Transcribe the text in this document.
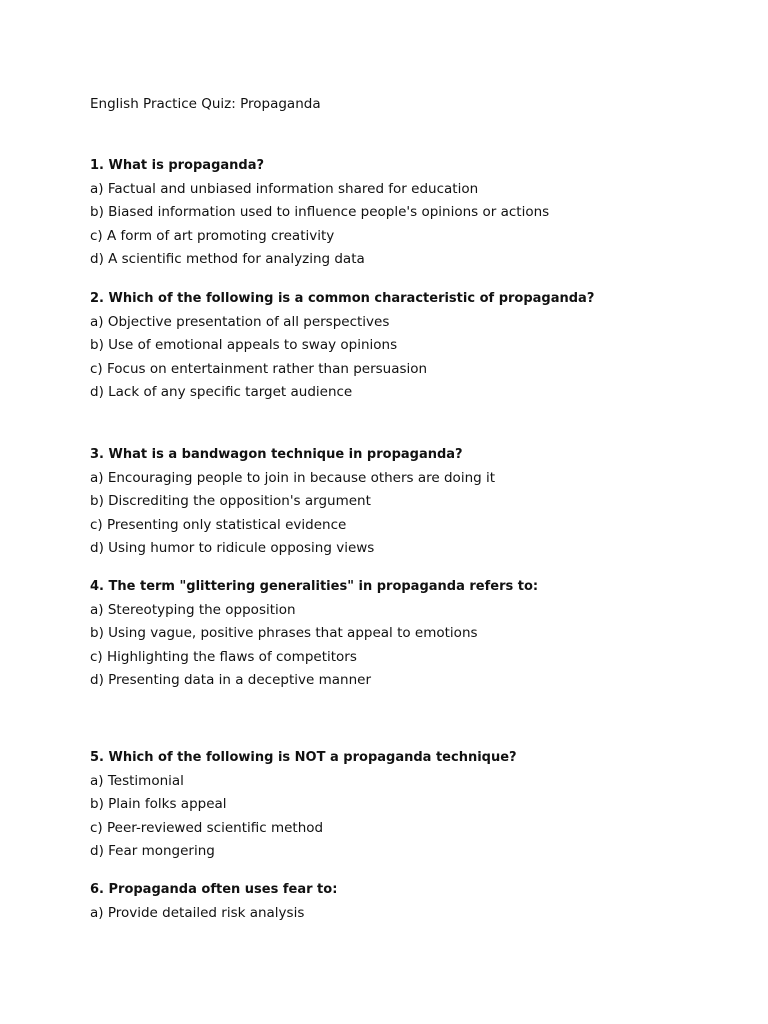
English Practice Quiz: Propaganda
1. What is propaganda?
a) Factual and unbiased information shared for education
b) Biased information used to influence people's opinions or actions
c) A form of art promoting creativity
d) A scientific method for analyzing data
2. Which of the following is a common characteristic of propaganda?
a) Objective presentation of all perspectives
b) Use of emotional appeals to sway opinions
c) Focus on entertainment rather than persuasion
d) Lack of any specific target audience
3. What is a bandwagon technique in propaganda?
a) Encouraging people to join in because others are doing it
b) Discrediting the opposition's argument
c) Presenting only statistical evidence
d) Using humor to ridicule opposing views
4. The term "glittering generalities" in propaganda refers to:
a) Stereotyping the opposition
b) Using vague, positive phrases that appeal to emotions
c) Highlighting the flaws of competitors
d) Presenting data in a deceptive manner
5. Which of the following is NOT a propaganda technique?
a) Testimonial
b) Plain folks appeal
c) Peer-reviewed scientific method
d) Fear mongering
6. Propaganda often uses fear to:
a) Provide detailed risk analysis
